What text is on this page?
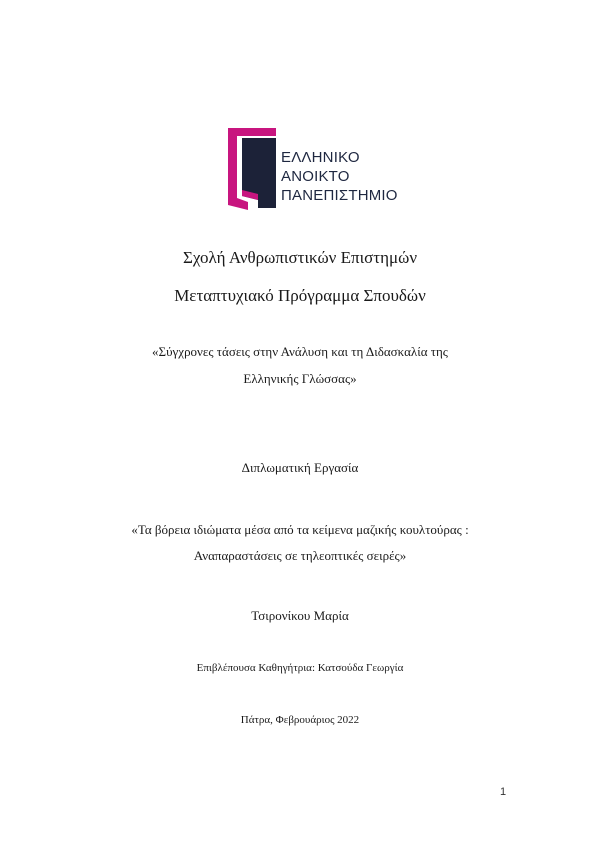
ΕΛΛΗΝΙΚΟ
ΑΝΟΙΚΤΟ
ΠΑΝΕΠΙΣΤΗΜΙΟ
Σχολή Ανθρωπιστικών Επιστημών
Μεταπτυχιακό Πρόγραμμα Σπουδών
«Σύγχρονες τάσεις στην Ανάλυση και τη Διδασκαλία της
Ελληνικής Γλώσσας»
Διπλωματική Εργασία
«Τα βόρεια ιδιώματα μέσα από τα κείμενα μαζικής κουλτούρας :
Αναπαραστάσεις σε τηλεοπτικές σειρές»
Τσιρονίκου Μαρία
Επιβλέπουσα Καθηγήτρια: Κατσούδα Γεωργία
Πάτρα, Φεβρουάριος 2022
1
